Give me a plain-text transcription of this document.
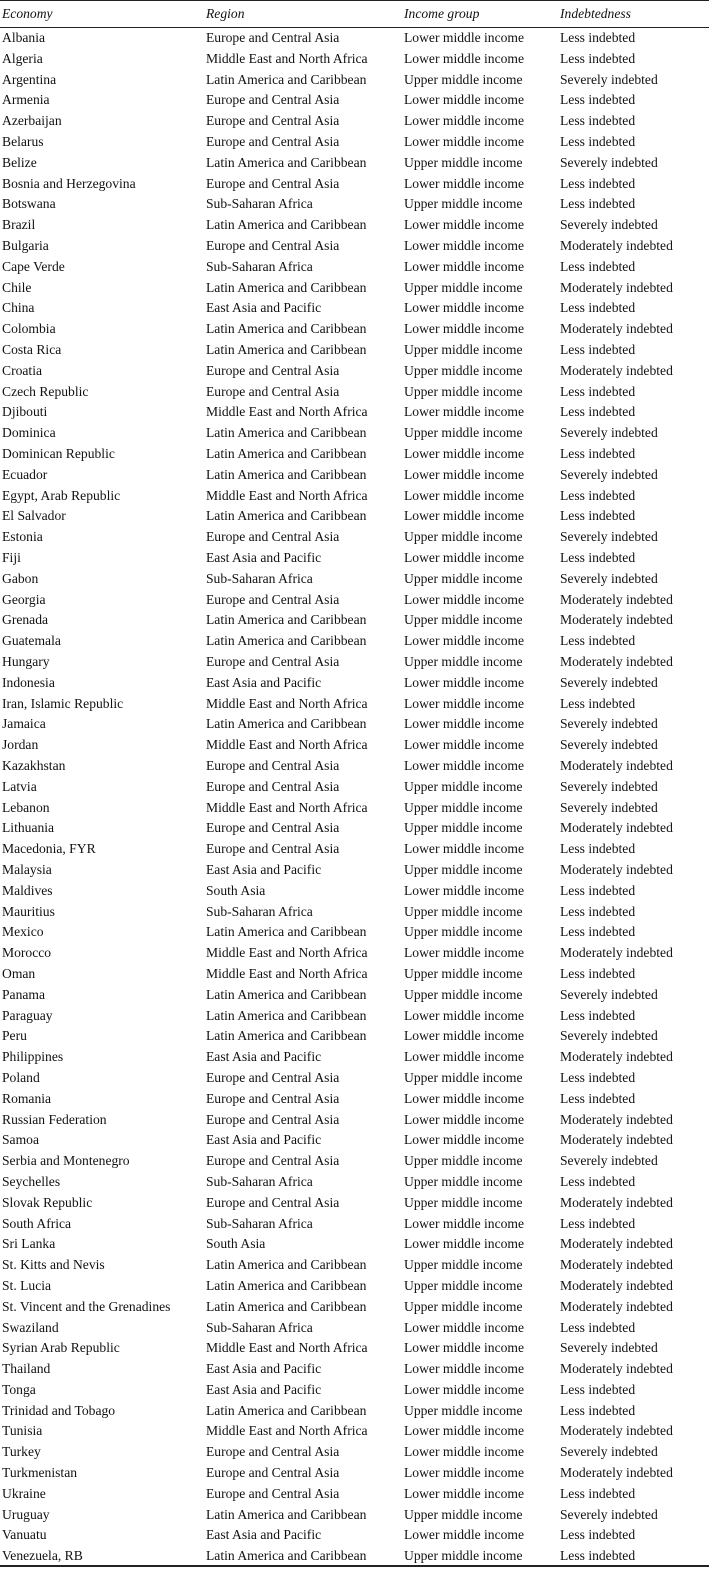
Economy	Region	Income group	Indebtedness
Albania	Europe and Central Asia	Lower middle income	Less indebted
Algeria	Middle East and North Africa	Lower middle income	Less indebted
Argentina	Latin America and Caribbean	Upper middle income	Severely indebted
Armenia	Europe and Central Asia	Lower middle income	Less indebted
Azerbaijan	Europe and Central Asia	Lower middle income	Less indebted
Belarus	Europe and Central Asia	Lower middle income	Less indebted
Belize	Latin America and Caribbean	Upper middle income	Severely indebted
Bosnia and Herzegovina	Europe and Central Asia	Lower middle income	Less indebted
Botswana	Sub-Saharan Africa	Upper middle income	Less indebted
Brazil	Latin America and Caribbean	Lower middle income	Severely indebted
Bulgaria	Europe and Central Asia	Lower middle income	Moderately indebted
Cape Verde	Sub-Saharan Africa	Lower middle income	Less indebted
Chile	Latin America and Caribbean	Upper middle income	Moderately indebted
China	East Asia and Pacific	Lower middle income	Less indebted
Colombia	Latin America and Caribbean	Lower middle income	Moderately indebted
Costa Rica	Latin America and Caribbean	Upper middle income	Less indebted
Croatia	Europe and Central Asia	Upper middle income	Moderately indebted
Czech Republic	Europe and Central Asia	Upper middle income	Less indebted
Djibouti	Middle East and North Africa	Lower middle income	Less indebted
Dominica	Latin America and Caribbean	Upper middle income	Severely indebted
Dominican Republic	Latin America and Caribbean	Lower middle income	Less indebted
Ecuador	Latin America and Caribbean	Lower middle income	Severely indebted
Egypt, Arab Republic	Middle East and North Africa	Lower middle income	Less indebted
El Salvador	Latin America and Caribbean	Lower middle income	Less indebted
Estonia	Europe and Central Asia	Upper middle income	Severely indebted
Fiji	East Asia and Pacific	Lower middle income	Less indebted
Gabon	Sub-Saharan Africa	Upper middle income	Severely indebted
Georgia	Europe and Central Asia	Lower middle income	Moderately indebted
Grenada	Latin America and Caribbean	Upper middle income	Moderately indebted
Guatemala	Latin America and Caribbean	Lower middle income	Less indebted
Hungary	Europe and Central Asia	Upper middle income	Moderately indebted
Indonesia	East Asia and Pacific	Lower middle income	Severely indebted
Iran, Islamic Republic	Middle East and North Africa	Lower middle income	Less indebted
Jamaica	Latin America and Caribbean	Lower middle income	Severely indebted
Jordan	Middle East and North Africa	Lower middle income	Severely indebted
Kazakhstan	Europe and Central Asia	Lower middle income	Moderately indebted
Latvia	Europe and Central Asia	Upper middle income	Severely indebted
Lebanon	Middle East and North Africa	Upper middle income	Severely indebted
Lithuania	Europe and Central Asia	Upper middle income	Moderately indebted
Macedonia, FYR	Europe and Central Asia	Lower middle income	Less indebted
Malaysia	East Asia and Pacific	Upper middle income	Moderately indebted
Maldives	South Asia	Lower middle income	Less indebted
Mauritius	Sub-Saharan Africa	Upper middle income	Less indebted
Mexico	Latin America and Caribbean	Upper middle income	Less indebted
Morocco	Middle East and North Africa	Lower middle income	Moderately indebted
Oman	Middle East and North Africa	Upper middle income	Less indebted
Panama	Latin America and Caribbean	Upper middle income	Severely indebted
Paraguay	Latin America and Caribbean	Lower middle income	Less indebted
Peru	Latin America and Caribbean	Lower middle income	Severely indebted
Philippines	East Asia and Pacific	Lower middle income	Moderately indebted
Poland	Europe and Central Asia	Upper middle income	Less indebted
Romania	Europe and Central Asia	Lower middle income	Less indebted
Russian Federation	Europe and Central Asia	Lower middle income	Moderately indebted
Samoa	East Asia and Pacific	Lower middle income	Moderately indebted
Serbia and Montenegro	Europe and Central Asia	Upper middle income	Severely indebted
Seychelles	Sub-Saharan Africa	Upper middle income	Less indebted
Slovak Republic	Europe and Central Asia	Upper middle income	Moderately indebted
South Africa	Sub-Saharan Africa	Lower middle income	Less indebted
Sri Lanka	South Asia	Lower middle income	Moderately indebted
St. Kitts and Nevis	Latin America and Caribbean	Upper middle income	Moderately indebted
St. Lucia	Latin America and Caribbean	Upper middle income	Moderately indebted
St. Vincent and the Grenadines	Latin America and Caribbean	Upper middle income	Moderately indebted
Swaziland	Sub-Saharan Africa	Lower middle income	Less indebted
Syrian Arab Republic	Middle East and North Africa	Lower middle income	Severely indebted
Thailand	East Asia and Pacific	Lower middle income	Moderately indebted
Tonga	East Asia and Pacific	Lower middle income	Less indebted
Trinidad and Tobago	Latin America and Caribbean	Upper middle income	Less indebted
Tunisia	Middle East and North Africa	Lower middle income	Moderately indebted
Turkey	Europe and Central Asia	Lower middle income	Severely indebted
Turkmenistan	Europe and Central Asia	Lower middle income	Moderately indebted
Ukraine	Europe and Central Asia	Lower middle income	Less indebted
Uruguay	Latin America and Caribbean	Upper middle income	Severely indebted
Vanuatu	East Asia and Pacific	Lower middle income	Less indebted
Venezuela, RB	Latin America and Caribbean	Upper middle income	Less indebted
